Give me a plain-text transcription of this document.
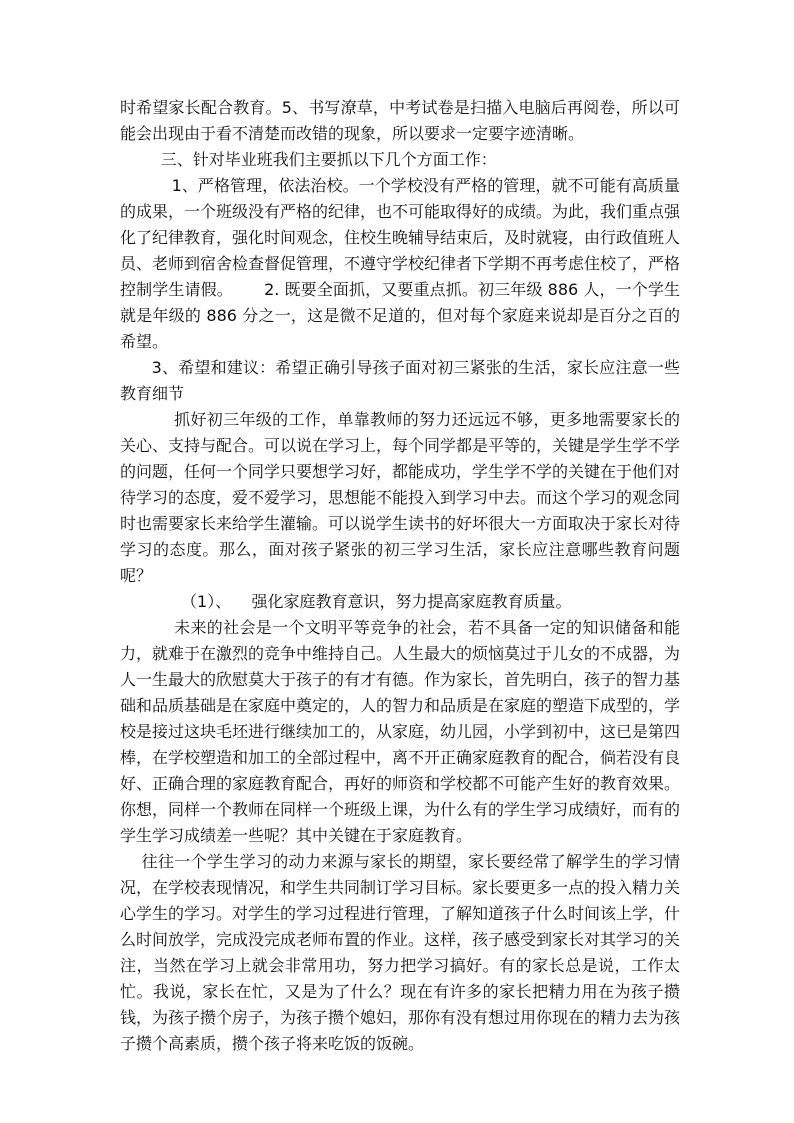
时希望家长配合教育。5、书写潦草，中考试卷是扫描入电脑后再阅卷，所以可能会出现由于看不清楚而改错的现象，所以要求一定要字迹清晰。

三、针对毕业班我们主要抓以下几个方面工作：

1、严格管理，依法治校。一个学校没有严格的管理，就不可能有高质量的成果，一个班级没有严格的纪律，也不可能取得好的成绩。为此，我们重点强化了纪律教育，强化时间观念，住校生晚辅导结束后，及时就寝，由行政值班人员、老师到宿舍检查督促管理，不遵守学校纪律者下学期不再考虑住校了，严格控制学生请假。      2. 既要全面抓，又要重点抓。初三年级 886 人，一个学生就是年级的 886 分之一，这是微不足道的，但对每个家庭来说却是百分之百的希望。

3、希望和建议：希望正确引导孩子面对初三紧张的生活，家长应注意一些教育细节

抓好初三年级的工作，单靠教师的努力还远远不够，更多地需要家长的关心、支持与配合。可以说在学习上，每个同学都是平等的，关键是学生学不学的问题，任何一个同学只要想学习好，都能成功，学生学不学的关键在于他们对待学习的态度，爱不爱学习，思想能不能投入到学习中去。而这个学习的观念同时也需要家长来给学生灌输。可以说学生读书的好坏很大一方面取决于家长对待学习的态度。那么，面对孩子紧张的初三学习生活，家长应注意哪些教育问题呢？

（1）、    强化家庭教育意识，努力提高家庭教育质量。

未来的社会是一个文明平等竞争的社会，若不具备一定的知识储备和能力，就难于在激烈的竞争中维持自己。人生最大的烦恼莫过于儿女的不成器，为人一生最大的欣慰莫大于孩子的有才有德。作为家长，首先明白，孩子的智力基础和品质基础是在家庭中奠定的，人的智力和品质是在家庭的塑造下成型的，学校是接过这块毛坯进行继续加工的，从家庭，幼儿园，小学到初中，这已是第四棒，在学校塑造和加工的全部过程中，离不开正确家庭教育的配合，倘若没有良好、正确合理的家庭教育配合，再好的师资和学校都不可能产生好的教育效果。你想，同样一个教师在同样一个班级上课，为什么有的学生学习成绩好，而有的学生学习成绩差一些呢？其中关键在于家庭教育。

往往一个学生学习的动力来源与家长的期望，家长要经常了解学生的学习情况，在学校表现情况，和学生共同制订学习目标。家长要更多一点的投入精力关心学生的学习。对学生的学习过程进行管理，了解知道孩子什么时间该上学，什么时间放学，完成没完成老师布置的作业。这样，孩子感受到家长对其学习的关注，当然在学习上就会非常用功，努力把学习搞好。有的家长总是说，工作太忙。我说，家长在忙，又是为了什么？现在有许多的家长把精力用在为孩子攒钱，为孩子攒个房子，为孩子攒个媳妇，那你有没有想过用你现在的精力去为孩子攒个高素质，攒个孩子将来吃饭的饭碗。
